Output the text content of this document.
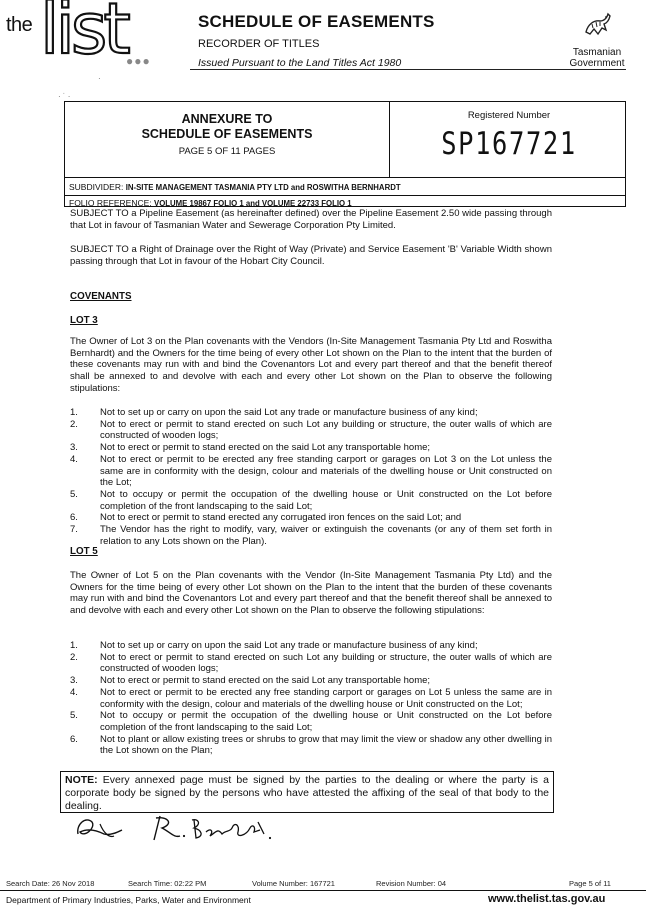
the list ●●●
SCHEDULE OF EASEMENTS
RECORDER OF TITLES
Issued Pursuant to the Land Titles Act 1980
Tasmanian
Government
·
· ˙ ·
ANNEXURE TO
SCHEDULE OF EASEMENTS
PAGE 5 OF 11 PAGES
Registered Number
SP167721
SUBDIVIDER: IN-SITE MANAGEMENT TASMANIA PTY LTD and ROSWITHA BERNHARDT
FOLIO REFERENCE: VOLUME 19867 FOLIO 1 and VOLUME 22733 FOLIO 1
SUBJECT TO a Pipeline Easement (as hereinafter defined) over the Pipeline Easement 2.50 wide passing through that Lot in favour of Tasmanian Water and Sewerage Corporation Pty Limited.
SUBJECT TO a Right of Drainage over the Right of Way (Private) and Service Easement 'B' Variable Width shown passing through that Lot in favour of the Hobart City Council.
COVENANTS
LOT 3
The Owner of Lot 3 on the Plan covenants with the Vendors (In-Site Management Tasmania Pty Ltd and Roswitha Bernhardt) and the Owners for the time being of every other Lot shown on the Plan to the intent that the burden of these covenants may run with and bind the Covenantors Lot and every part thereof and that the benefit thereof shall be annexed to and devolve with each and every other Lot shown on the Plan to observe the following stipulations:
1. Not to set up or carry on upon the said Lot any trade or manufacture business of any kind;
2. Not to erect or permit to stand erected on such Lot any building or structure, the outer walls of which are constructed of wooden logs;
3. Not to erect or permit to stand erected on the said Lot any transportable home;
4. Not to erect or permit to be erected any free standing carport or garages on Lot 3 on the Lot unless the same are in conformity with the design, colour and materials of the dwelling house or Unit constructed on the Lot;
5. Not to occupy or permit the occupation of the dwelling house or Unit constructed on the Lot before completion of the front landscaping to the said Lot;
6. Not to erect or permit to stand erected any corrugated iron fences on the said Lot; and
7. The Vendor has the right to modify, vary, waiver or extinguish the covenants (or any of them set forth in relation to any Lots shown on the Plan).
LOT 5
The Owner of Lot 5 on the Plan covenants with the Vendor (In-Site Management Tasmania Pty Ltd) and the Owners for the time being of every other Lot shown on the Plan to the intent that the burden of these covenants may run with and bind the Covenantors Lot and every part thereof and that the benefit thereof shall be annexed to and devolve with each and every other Lot shown on the Plan to observe the following stipulations:
1. Not to set up or carry on upon the said Lot any trade or manufacture business of any kind;
2. Not to erect or permit to stand erected on such Lot any building or structure, the outer walls of which are constructed of wooden logs;
3. Not to erect or permit to stand erected on the said Lot any transportable home;
4. Not to erect or permit to be erected any free standing carport or garages on Lot 5 unless the same are in conformity with the design, colour and materials of the dwelling house or Unit constructed on the Lot;
5. Not to occupy or permit the occupation of the dwelling house or Unit constructed on the Lot before completion of the front landscaping to the said Lot;
6. Not to plant or allow existing trees or shrubs to grow that may limit the view or shadow any other dwelling in the Lot shown on the Plan;
NOTE: Every annexed page must be signed by the parties to the dealing or where the party is a corporate body be signed by the persons who have attested the affixing of the seal of that body to the dealing.
Search Date: 26 Nov 2018	Search Time: 02:22 PM	Volume Number: 167721	Revision Number: 04	Page 5 of 11
Department of Primary Industries, Parks, Water and Environment	www.thelist.tas.gov.au
